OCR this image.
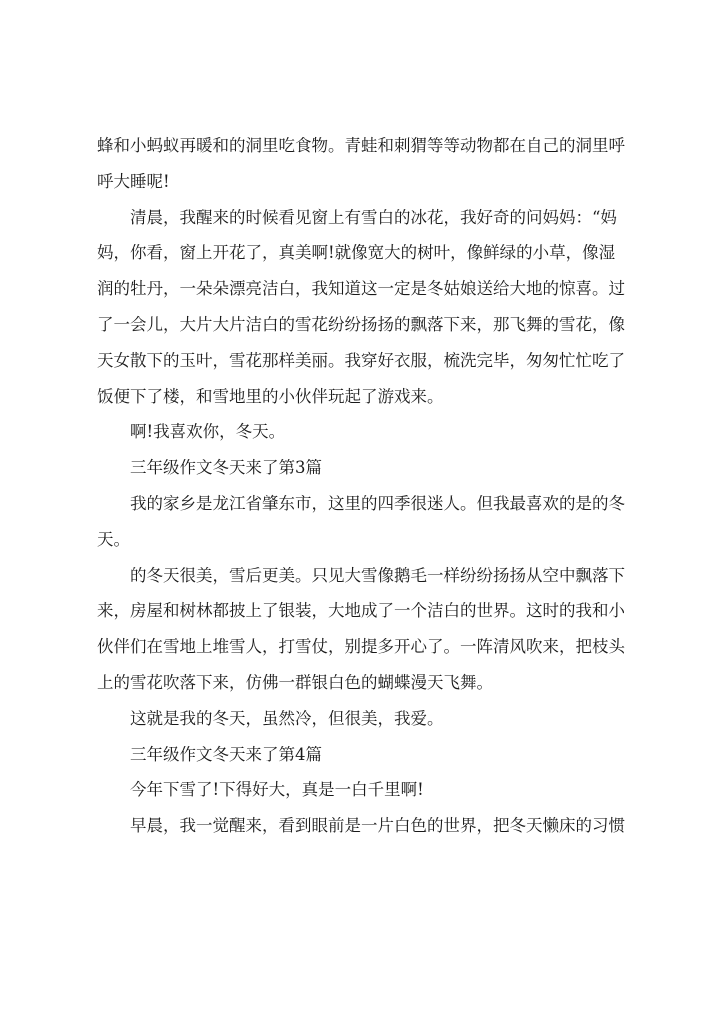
蜂和小蚂蚁再暖和的洞里吃食物。青蛙和刺猬等等动物都在自己的洞里呼
呼大睡呢!
清晨，我醒来的时候看见窗上有雪白的冰花，我好奇的问妈妈：“妈
妈，你看，窗上开花了，真美啊!就像宽大的树叶，像鲜绿的小草，像湿
润的牡丹，一朵朵漂亮洁白，我知道这一定是冬姑娘送给大地的惊喜。过
了一会儿，大片大片洁白的雪花纷纷扬扬的飘落下来，那飞舞的雪花，像
天女散下的玉叶，雪花那样美丽。我穿好衣服，梳洗完毕，匆匆忙忙吃了
饭便下了楼，和雪地里的小伙伴玩起了游戏来。
啊!我喜欢你，冬天。
三年级作文冬天来了第3篇
我的家乡是龙江省肇东市，这里的四季很迷人。但我最喜欢的是的冬
天。
的冬天很美，雪后更美。只见大雪像鹅毛一样纷纷扬扬从空中飘落下
来，房屋和树林都披上了银装，大地成了一个洁白的世界。这时的我和小
伙伴们在雪地上堆雪人，打雪仗，别提多开心了。一阵清风吹来，把枝头
上的雪花吹落下来，仿佛一群银白色的蝴蝶漫天飞舞。
这就是我的冬天，虽然冷，但很美，我爱。
三年级作文冬天来了第4篇
今年下雪了!下得好大，真是一白千里啊!
早晨，我一觉醒来，看到眼前是一片白色的世界，把冬天懒床的习惯
